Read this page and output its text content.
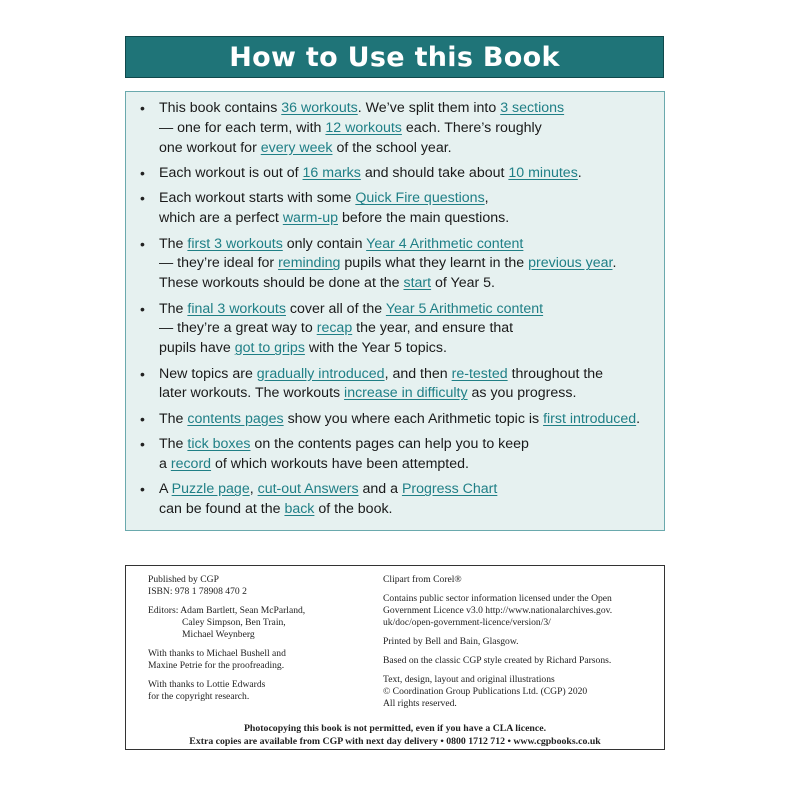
How to Use this Book
• This book contains 36 workouts. We’ve split them into 3 sections
— one for each term, with 12 workouts each. There’s roughly
one workout for every week of the school year.
• Each workout is out of 16 marks and should take about 10 minutes.
• Each workout starts with some Quick Fire questions,
which are a perfect warm-up before the main questions.
• The first 3 workouts only contain Year 4 Arithmetic content
— they’re ideal for reminding pupils what they learnt in the previous year.
These workouts should be done at the start of Year 5.
• The final 3 workouts cover all of the Year 5 Arithmetic content
— they’re a great way to recap the year, and ensure that
pupils have got to grips with the Year 5 topics.
• New topics are gradually introduced, and then re-tested throughout the
later workouts. The workouts increase in difficulty as you progress.
• The contents pages show you where each Arithmetic topic is first introduced.
• The tick boxes on the contents pages can help you to keep
a record of which workouts have been attempted.
• A Puzzle page, cut-out Answers and a Progress Chart
can be found at the back of the book.
Published by CGP
ISBN: 978 1 78908 470 2
Editors: Adam Bartlett, Sean McParland,
Caley Simpson, Ben Train,
Michael Weynberg
With thanks to Michael Bushell and
Maxine Petrie for the proofreading.
With thanks to Lottie Edwards
for the copyright research.
Clipart from Corel®
Contains public sector information licensed under the Open
Government Licence v3.0 http://www.nationalarchives.gov.
uk/doc/open-government-licence/version/3/
Printed by Bell and Bain, Glasgow.
Based on the classic CGP style created by Richard Parsons.
Text, design, layout and original illustrations
© Coordination Group Publications Ltd. (CGP) 2020
All rights reserved.
Photocopying this book is not permitted, even if you have a CLA licence.
Extra copies are available from CGP with next day delivery • 0800 1712 712 • www.cgpbooks.co.uk
